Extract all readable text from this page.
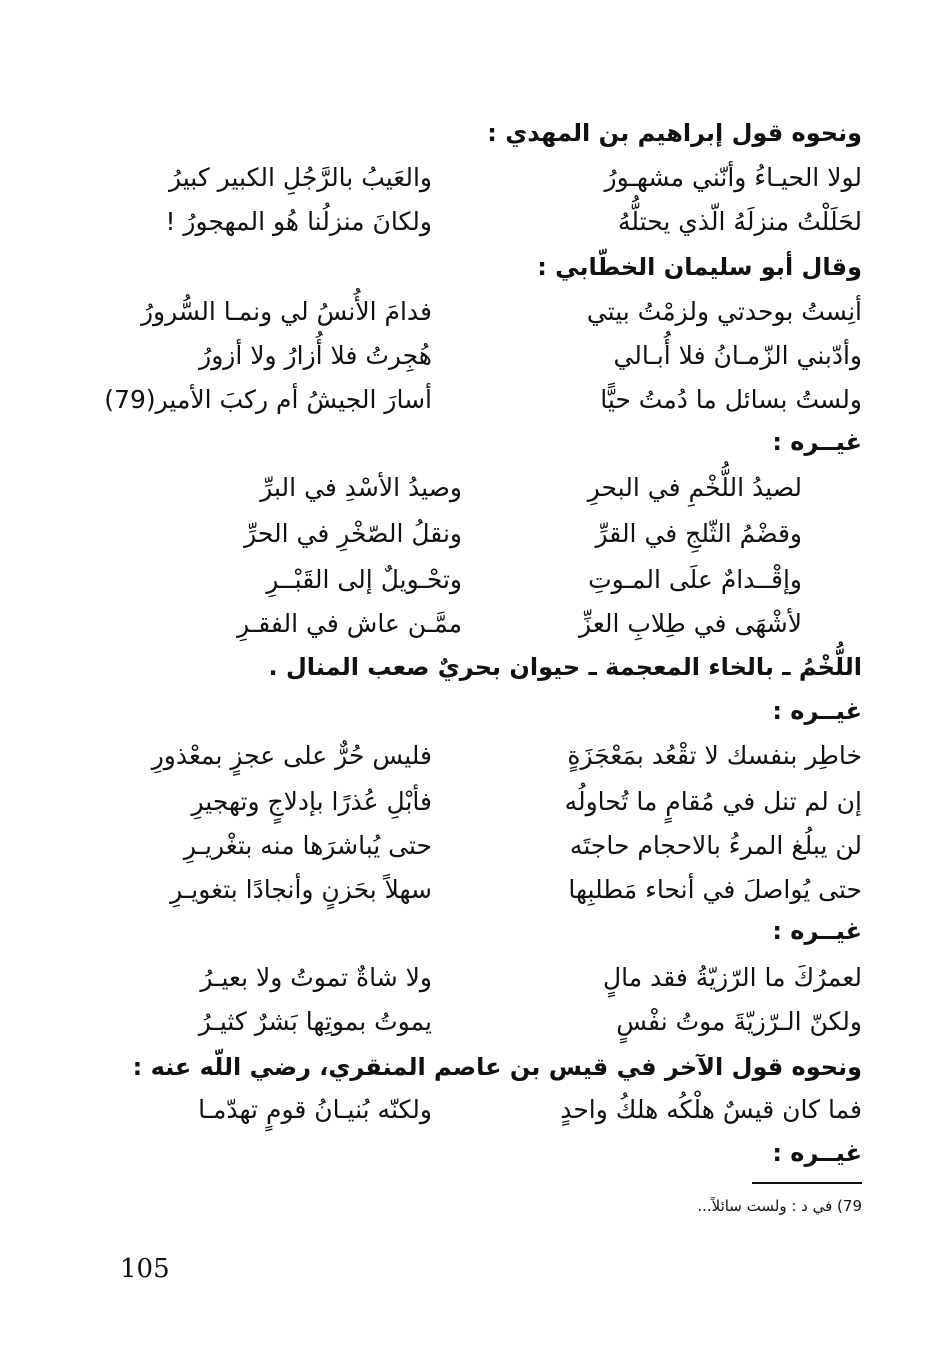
ونحوه قول إبراهيم بن المهدي :
لولا الحيـاءُ وأنّني مشهـورُ
والعَيبُ بالرَّجُلِ الكبير كبيرُ
لحَلَلْتُ منزلَهُ الّذي يحتلُّهُ
ولكانَ منزلُنا هُو المهجورُ !
وقال أبو سليمان الخطّابي :
أنِستُ بوحدتي ولزمْتُ بيتي
فدامَ الأُنسُ لي ونمـا السُّرورُ
وأدّبني الزّمـانُ فلا أُبـالي
هُجِرتُ فلا أُزارُ ولا أزورُ
ولستُ بسائل ما دُمتُ حيًّا
أسارَ الجيشُ أم ركبَ الأمير(79)
غيــره :
لصيدُ اللُّخْمِ في البحرِ
وصيدُ الأسْدِ في البرِّ
وقضْمُ الثّلجِ في القرِّ
ونقلُ الصّخْرِ في الحرِّ
وإقْــدامٌ علَى المـوتِ
وتحْـويلٌ إلى القَبْــرِ
لأشْهَى في طِلابِ العزِّ
ممَّـن عاش في الفقـرِ
اللُّخْمُ ـ بالخاء المعجمة ـ حيوان بحريٌ صعب المنال .
غيــره :
خاطِر بنفسك لا تقْعُد بمَعْجَزَةٍ
فليس حُرٌّ على عجزٍ بمعْذورِ
إن لم تنل في مُقامٍ ما تُحاولُه
فأبْلِ عُذرًا بإدلاجٍ وتهجيرِ
لن يبلُغ المرءُ بالاحجام حاجتَه
حتى يُباشرَها منه بتغْريـرِ
حتى يُواصلَ في أنحاء مَطلبِها
سهلاً بحَزنٍ وأنجادًا بتغويـرِ
غيــره :
لعمرُكَ ما الرّزيّةُ فقد مالٍ
ولا شاةٌ تموتُ ولا بعيـرُ
ولكنّ الـرّزيّةَ موتُ نفْسٍ
يموتُ بموتِها بَشرٌ كثيـرُ
ونحوه قول الآخر في قيس بن عاصم المنقري، رضي اللّه عنه :
فما كان قيسٌ هلْكُه هلكُ واحدٍ
ولكنّه بُنيـانُ قومٍ تهدّمـا
غيــره :
79) في د : ولست سائلاً...
105
